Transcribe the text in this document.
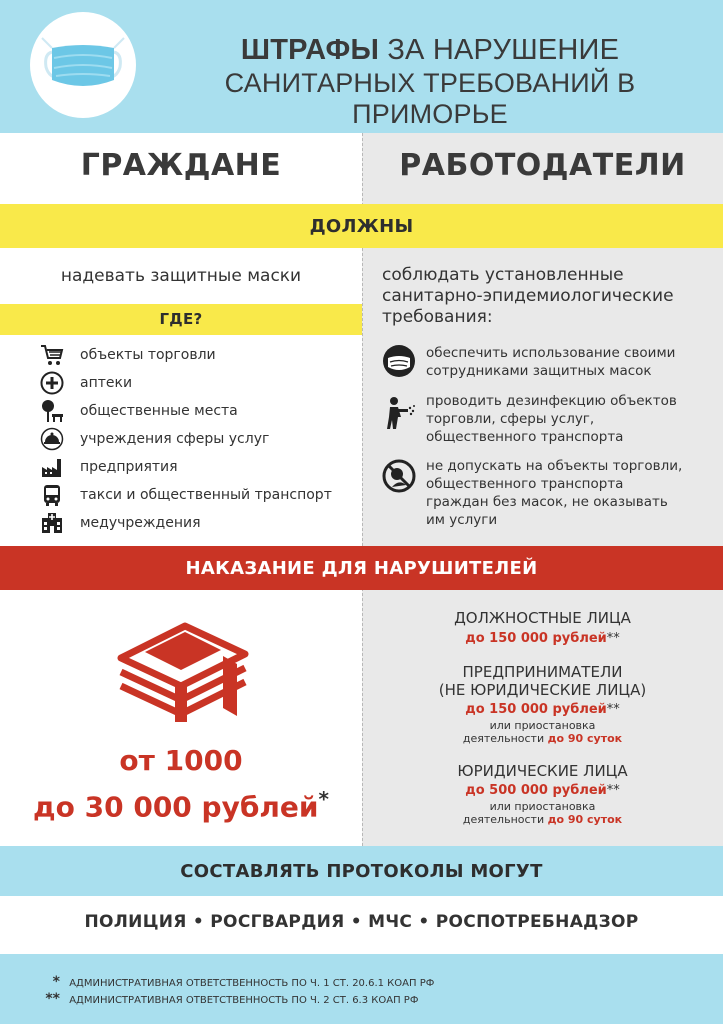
ШТРАФЫ ЗА НАРУШЕНИЕ
САНИТАРНЫХ ТРЕБОВАНИЙ В ПРИМОРЬЕ
ГРАЖДАНЕ	РАБОТОДАТЕЛИ
ДОЛЖНЫ
надевать защитные маски
ГДЕ?
объекты торговли
аптеки
общественные места
учреждения сферы услуг
предприятия
такси и общественный транспорт
медучреждения
соблюдать установленные
санитарно-эпидемиологические
требования:
обеспечить использование своими
сотрудниками защитных масок
проводить дезинфекцию объектов
торговли, сферы услуг,
общественного транспорта
не допускать на объекты торговли,
общественного транспорта
граждан без масок, не оказывать
им услуги
НАКАЗАНИЕ ДЛЯ НАРУШИТЕЛЕЙ
от 1000
до 30 000 рублей*
ДОЛЖНОСТНЫЕ ЛИЦА
до 150 000 рублей**
ПРЕДПРИНИМАТЕЛИ
(НЕ ЮРИДИЧЕСКИЕ ЛИЦА)
до 150 000 рублей**
или приостановка
деятельности до 90 суток
ЮРИДИЧЕСКИЕ ЛИЦА
до 500 000 рублей**
или приостановка
деятельности до 90 суток
СОСТАВЛЯТЬ ПРОТОКОЛЫ МОГУТ
ПОЛИЦИЯ • РОСГВАРДИЯ • МЧС • РОСПОТРЕБНАДЗОР
* АДМИНИСТРАТИВНАЯ ОТВЕТСТВЕННОСТЬ ПО Ч. 1 СТ. 20.6.1 КОАП РФ
** АДМИНИСТРАТИВНАЯ ОТВЕТСТВЕННОСТЬ ПО Ч. 2 СТ. 6.3 КОАП РФ
